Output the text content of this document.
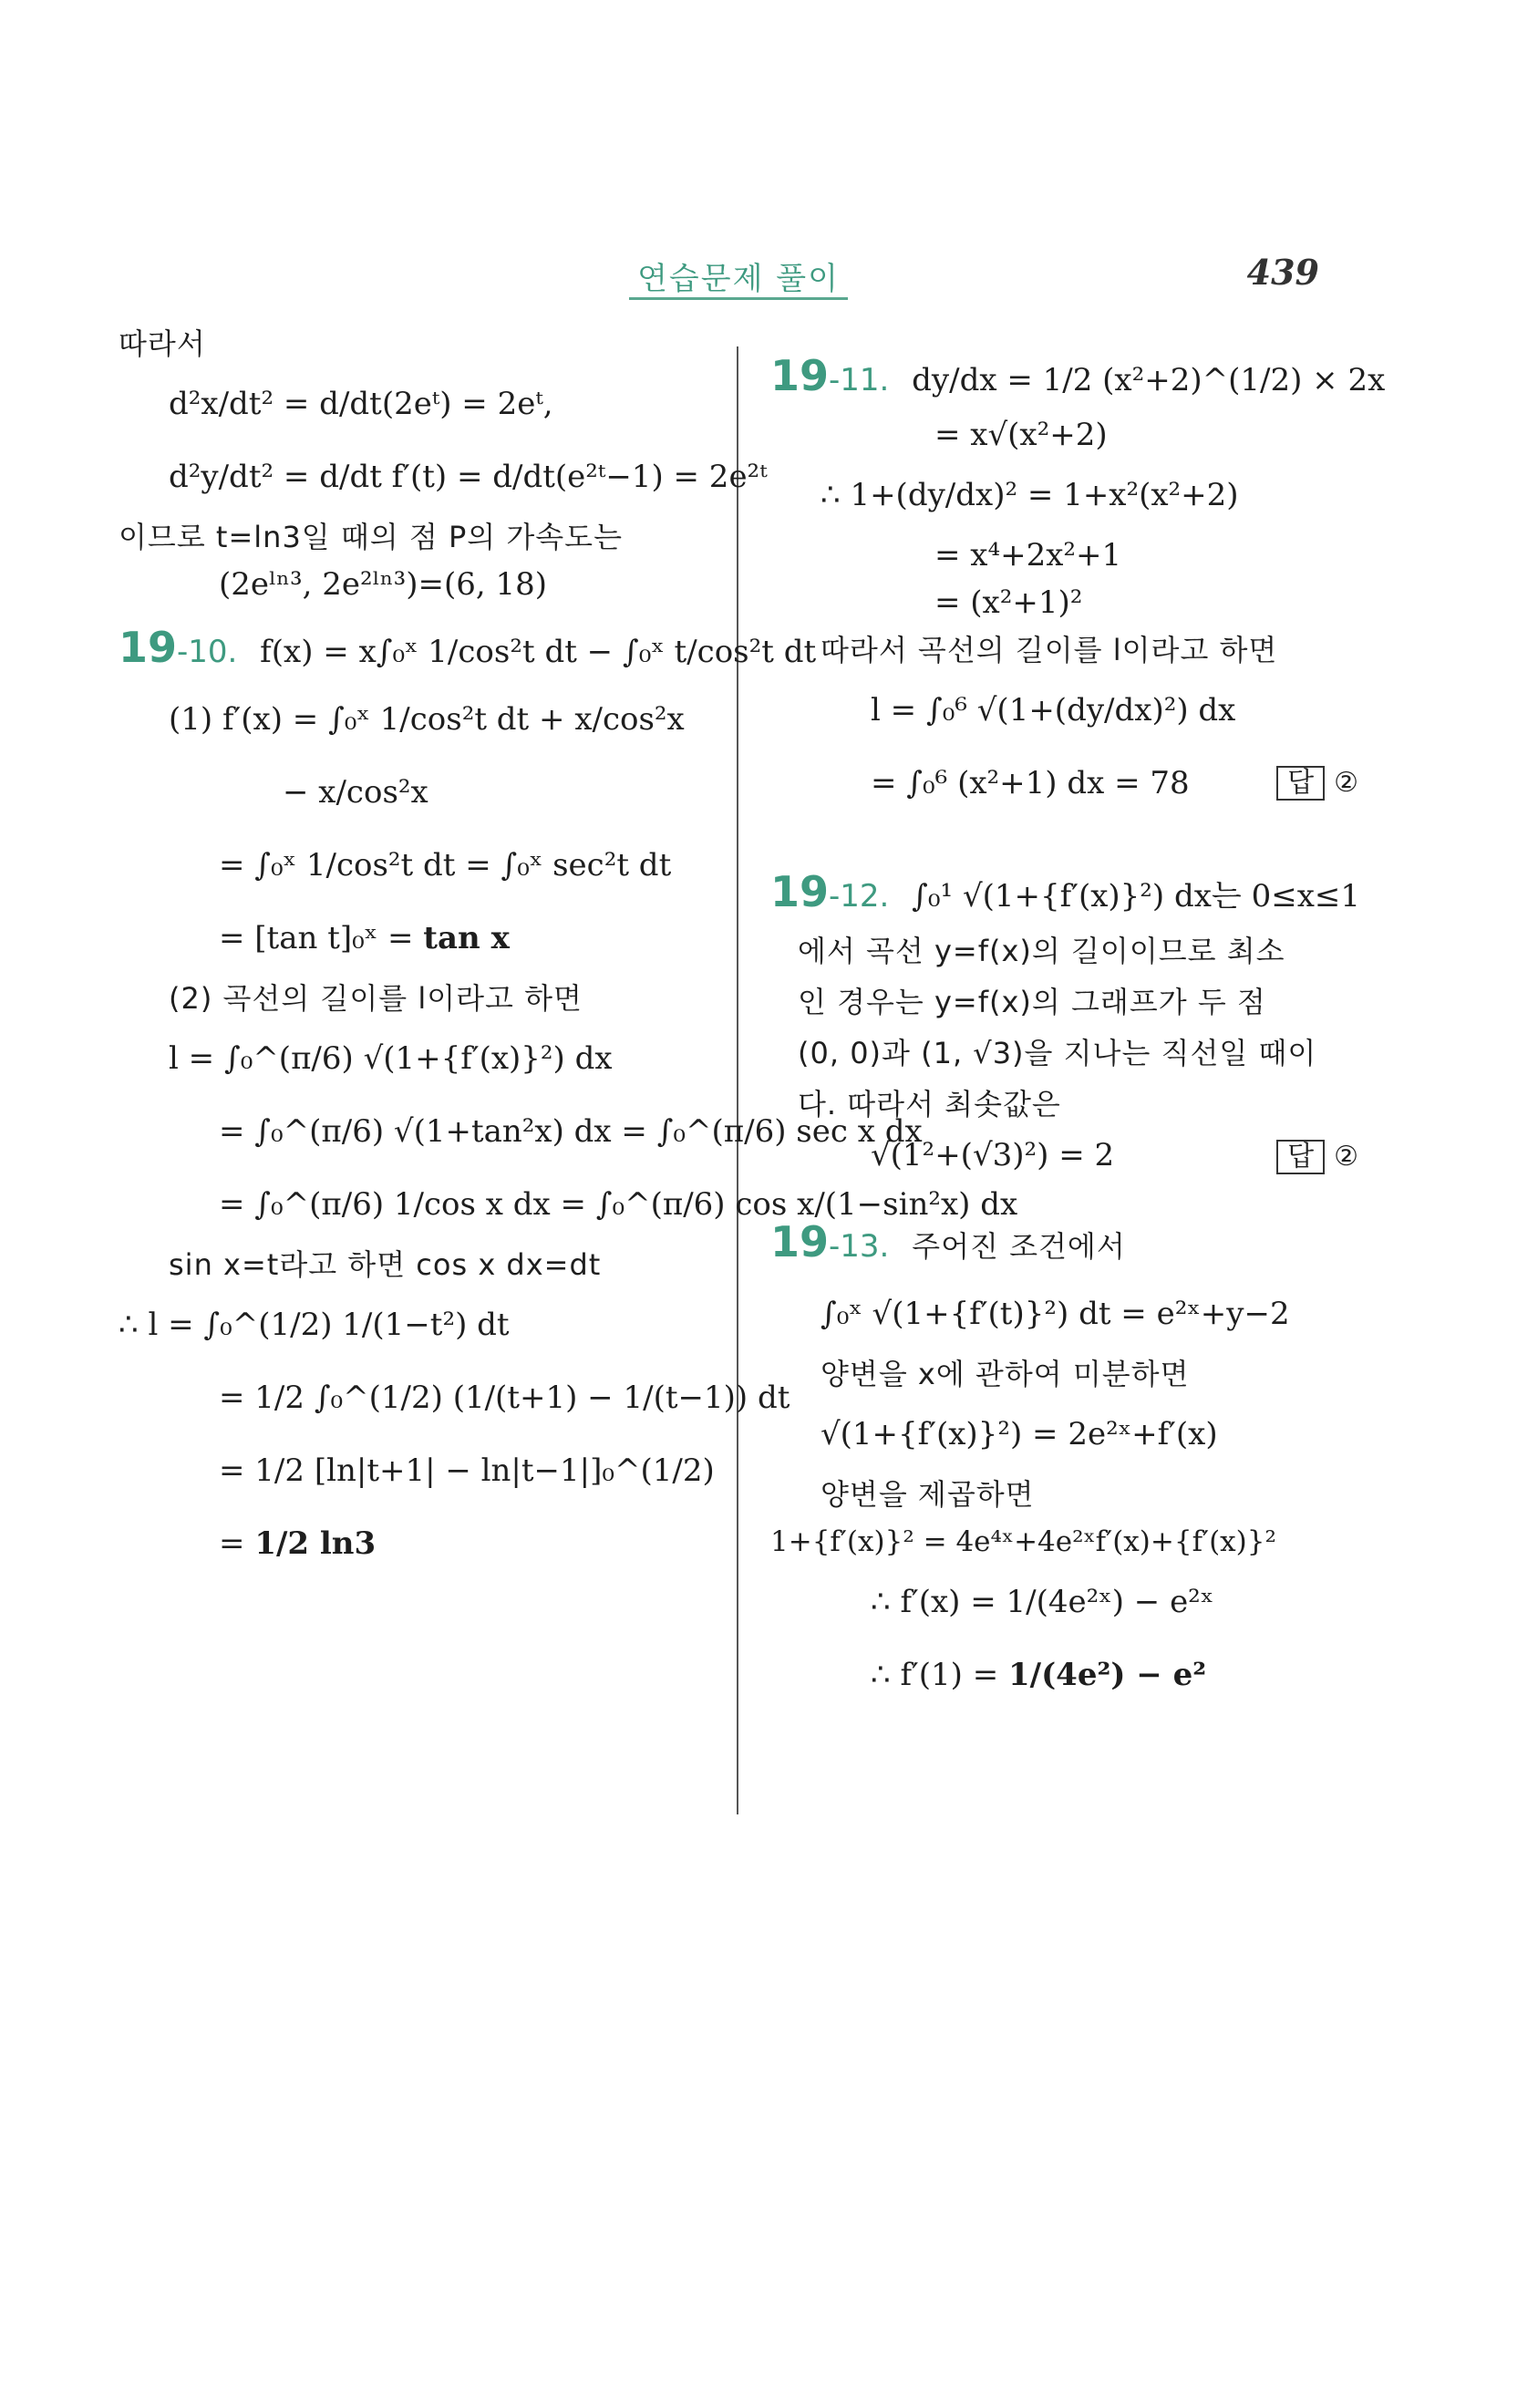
연습문제 풀이	439
따라서
d²x/dt² = d/dt(2eᵗ) = 2eᵗ,
d²y/dt² = d/dt f′(t) = d/dt(e²ᵗ−1) = 2e²ᵗ
이므로 t=ln3일 때의 점 P의 가속도는
(2eˡⁿ³, 2e²ˡⁿ³)=(6, 18)
19-10. f(x) = x∫₀ˣ 1/cos²t dt − ∫₀ˣ t/cos²t dt
(1) f′(x) = ∫₀ˣ 1/cos²t dt + x/cos²x
− x/cos²x
= ∫₀ˣ 1/cos²t dt = ∫₀ˣ sec²t dt
= [tan t]₀ˣ = tan x
(2) 곡선의 길이를 l이라고 하면
l = ∫₀^(π/6) √(1+{f′(x)}²) dx
= ∫₀^(π/6) √(1+tan²x) dx = ∫₀^(π/6) sec x dx
= ∫₀^(π/6) 1/cos x dx = ∫₀^(π/6) cos x/(1−sin²x) dx
sin x=t라고 하면 cos x dx=dt
∴ l = ∫₀^(1/2) 1/(1−t²) dt
= 1/2 ∫₀^(1/2) (1/(t+1) − 1/(t−1)) dt
= 1/2 [ln|t+1| − ln|t−1|]₀^(1/2)
= 1/2 ln3
19-11. dy/dx = 1/2 (x²+2)^(1/2) × 2x
= x√(x²+2)
∴ 1+(dy/dx)² = 1+x²(x²+2)
= x⁴+2x²+1
= (x²+1)²
따라서 곡선의 길이를 l이라고 하면
l = ∫₀⁶ √(1+(dy/dx)²) dx
= ∫₀⁶ (x²+1) dx = 78	답 ②
19-12. ∫₀¹ √(1+{f′(x)}²) dx는 0≤x≤1
에서 곡선 y=f(x)의 길이이므로 최소
인 경우는 y=f(x)의 그래프가 두 점
(0, 0)과 (1, √3)을 지나는 직선일 때이
다. 따라서 최솟값은
√(1²+(√3)²) = 2	답 ②
19-13. 주어진 조건에서
∫₀ˣ √(1+{f′(t)}²) dt = e²ˣ+y−2
양변을 x에 관하여 미분하면
√(1+{f′(x)}²) = 2e²ˣ+f′(x)
양변을 제곱하면
1+{f′(x)}² = 4e⁴ˣ+4e²ˣf′(x)+{f′(x)}²
∴ f′(x) = 1/(4e²ˣ) − e²ˣ
∴ f′(1) = 1/(4e²) − e²
